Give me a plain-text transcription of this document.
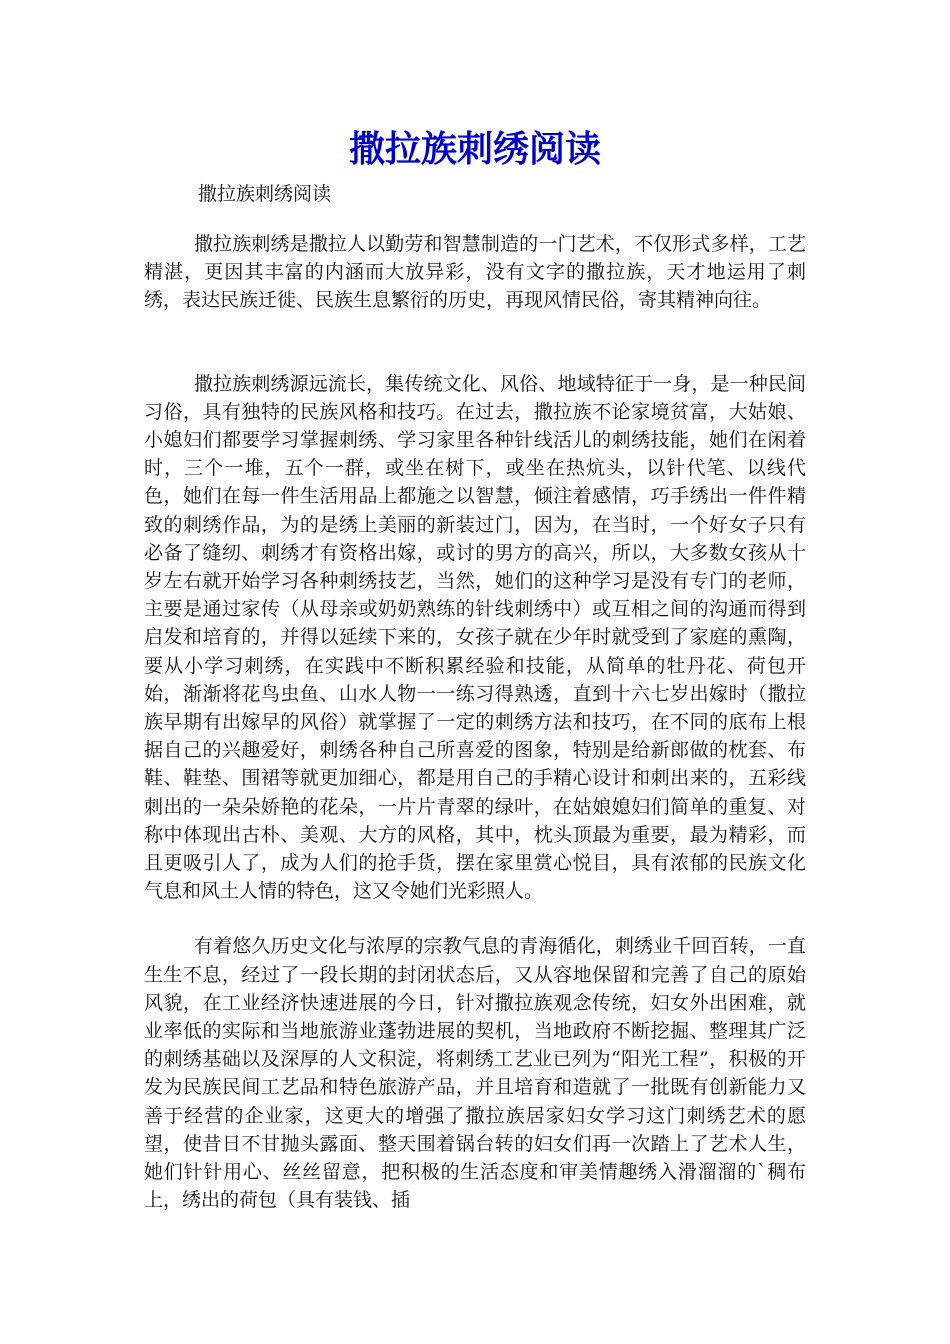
撒拉族刺绣阅读

撒拉族刺绣阅读

撒拉族刺绣是撒拉人以勤劳和智慧制造的一门艺术，不仅形式多样，工艺精湛，更因其丰富的内涵而大放异彩，没有文字的撒拉族，天才地运用了刺绣，表达民族迁徙、民族生息繁衍的历史，再现风情民俗，寄其精神向往。

撒拉族刺绣源远流长，集传统文化、风俗、地域特征于一身，是一种民间习俗，具有独特的民族风格和技巧。在过去，撒拉族不论家境贫富，大姑娘、小媳妇们都要学习掌握刺绣、学习家里各种针线活儿的刺绣技能，她们在闲着时，三个一堆，五个一群，或坐在树下，或坐在热炕头，以针代笔、以线代色，她们在每一件生活用品上都施之以智慧，倾注着感情，巧手绣出一件件精致的刺绣作品，为的是绣上美丽的新装过门，因为，在当时，一个好女子只有必备了缝纫、刺绣才有资格出嫁，或讨的男方的高兴，所以，大多数女孩从十岁左右就开始学习各种刺绣技艺，当然，她们的这种学习是没有专门的老师，主要是通过家传（从母亲或奶奶熟练的针线刺绣中）或互相之间的沟通而得到启发和培育的，并得以延续下来的，女孩子就在少年时就受到了家庭的熏陶，要从小学习刺绣，在实践中不断积累经验和技能，从简单的牡丹花、荷包开始，渐渐将花鸟虫鱼、山水人物一一练习得熟透，直到十六七岁出嫁时（撒拉族早期有出嫁早的风俗）就掌握了一定的刺绣方法和技巧，在不同的底布上根据自己的兴趣爱好，刺绣各种自己所喜爱的图象，特别是给新郎做的枕套、布鞋、鞋垫、围裙等就更加细心，都是用自己的手精心设计和刺出来的，五彩线刺出的一朵朵娇艳的花朵，一片片青翠的绿叶，在姑娘媳妇们简单的重复、对称中体现出古朴、美观、大方的风格，其中，枕头顶最为重要，最为精彩，而且更吸引人了，成为人们的抢手货，摆在家里赏心悦目，具有浓郁的民族文化气息和风土人情的特色，这又令她们光彩照人。

有着悠久历史文化与浓厚的宗教气息的青海循化，刺绣业千回百转，一直生生不息，经过了一段长期的封闭状态后，又从容地保留和完善了自己的原始风貌，在工业经济快速进展的今日，针对撒拉族观念传统，妇女外出困难，就业率低的实际和当地旅游业蓬勃进展的契机，当地政府不断挖掘、整理其广泛的刺绣基础以及深厚的人文积淀，将刺绣工艺业已列为“阳光工程”，积极的开发为民族民间工艺品和特色旅游产品，并且培育和造就了一批既有创新能力又善于经营的企业家，这更大的增强了撒拉族居家妇女学习这门刺绣艺术的愿望，使昔日不甘抛头露面、整天围着锅台转的妇女们再一次踏上了艺术人生，她们针针用心、丝丝留意，把积极的生活态度和审美情趣绣入滑溜溜的`稠布上，绣出的荷包（具有装钱、插
